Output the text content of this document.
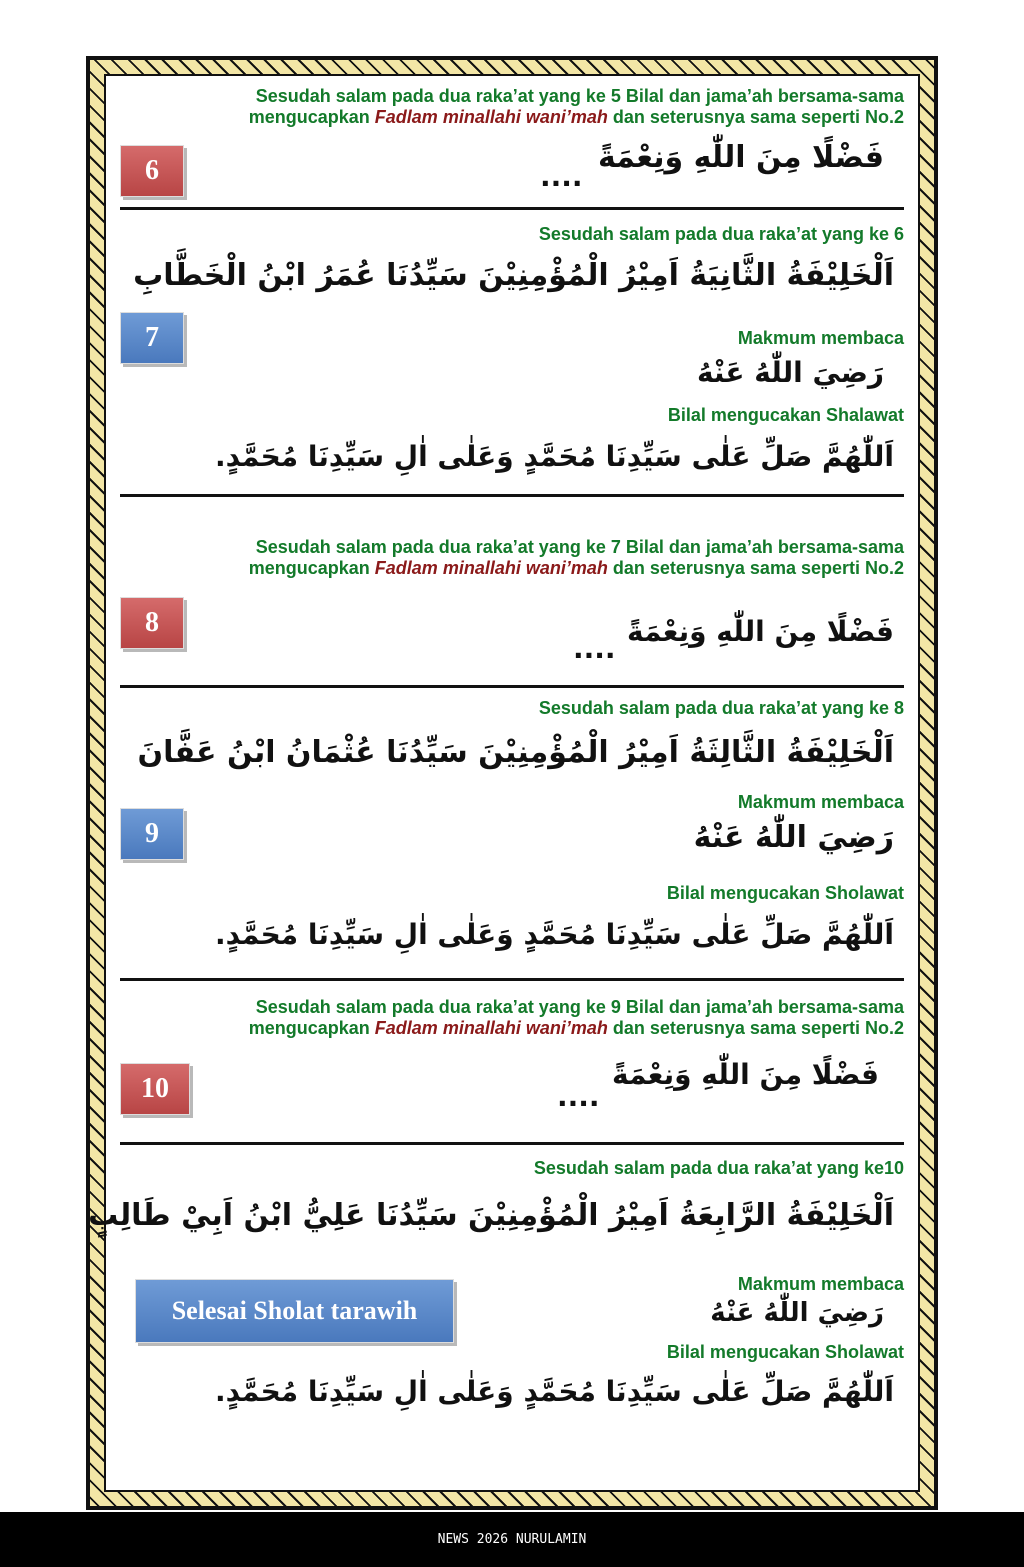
Sesudah salam pada dua raka’at yang ke 5 Bilal dan jama’ah bersama-sama
mengucapkan Fadlam minallahi wani’mah dan seterusnya sama seperti No.2
6	فَضْلًا مِنَ اللّٰهِ وَنِعْمَةً
....
Sesudah salam pada dua raka’at yang ke 6
اَلْخَلِيْفَةُ الثَّانِيَةُ اَمِيْرُ الْمُؤْمِنِيْنَ سَيِّدُنَا عُمَرُ ابْنُ الْخَطَّابِ
7	Makmum membaca
رَضِيَ اللّٰهُ عَنْهُ
Bilal mengucakan Shalawat
اَللّٰهُمَّ صَلِّ عَلٰى سَيِّدِنَا مُحَمَّدٍ وَعَلٰى اٰلِ سَيِّدِنَا مُحَمَّدٍ.
Sesudah salam pada dua raka’at yang ke 7 Bilal dan jama’ah bersama-sama
mengucapkan Fadlam minallahi wani’mah dan seterusnya sama seperti No.2
8	فَضْلًا مِنَ اللّٰهِ وَنِعْمَةً
....
Sesudah salam pada dua raka’at yang ke 8
اَلْخَلِيْفَةُ الثَّالِثَةُ اَمِيْرُ الْمُؤْمِنِيْنَ سَيِّدُنَا عُثْمَانُ ابْنُ عَفَّانَ
Makmum membaca
9	رَضِيَ اللّٰهُ عَنْهُ
Bilal mengucakan Sholawat
اَللّٰهُمَّ صَلِّ عَلٰى سَيِّدِنَا مُحَمَّدٍ وَعَلٰى اٰلِ سَيِّدِنَا مُحَمَّدٍ.
Sesudah salam pada dua raka’at yang ke 9 Bilal dan jama’ah bersama-sama
mengucapkan Fadlam minallahi wani’mah dan seterusnya sama seperti No.2
10	فَضْلًا مِنَ اللّٰهِ وَنِعْمَةً
....
Sesudah salam pada dua raka’at yang ke10
اَلْخَلِيْفَةُ الرَّابِعَةُ اَمِيْرُ الْمُؤْمِنِيْنَ سَيِّدُنَا عَلِيُّ ابْنُ اَبِيْ طَالِبٍ
Makmum membaca
Selesai Sholat tarawih	رَضِيَ اللّٰهُ عَنْهُ
Bilal mengucakan Sholawat
اَللّٰهُمَّ صَلِّ عَلٰى سَيِّدِنَا مُحَمَّدٍ وَعَلٰى اٰلِ سَيِّدِنَا مُحَمَّدٍ.
NEWS 2026 NURULAMIN
